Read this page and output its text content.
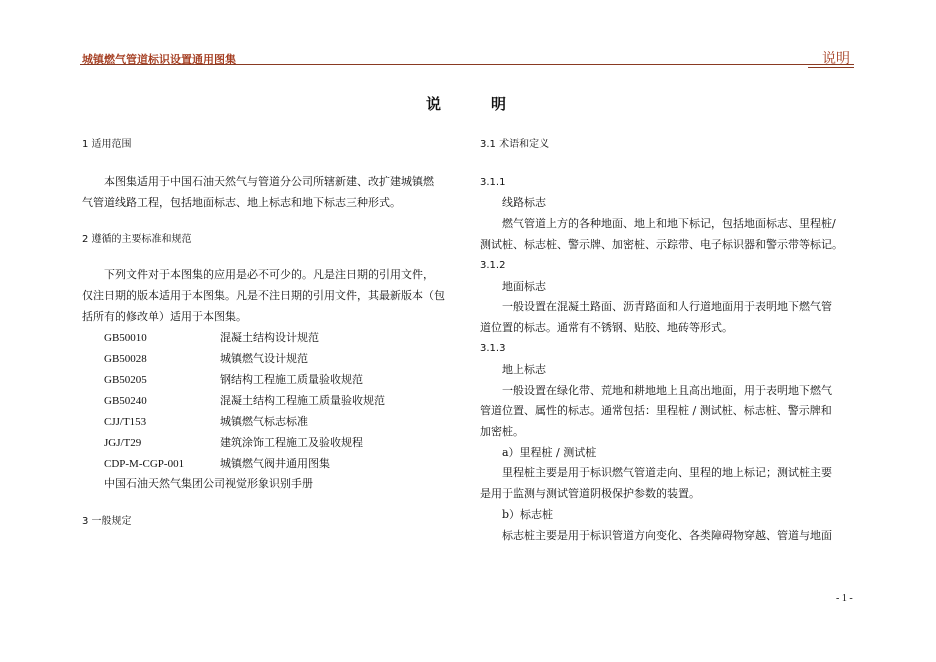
城镇燃气管道标识设置通用图集	说明
说明
1 适用范围
本图集适用于中国石油天然气与管道分公司所辖新建、改扩建城镇燃
气管道线路工程，包括地面标志、地上标志和地下标志三种形式。
2 遵循的主要标准和规范
下列文件对于本图集的应用是必不可少的。凡是注日期的引用文件，
仅注日期的版本适用于本图集。凡是不注日期的引用文件，其最新版本（包
括所有的修改单）适用于本图集。
GB50010	混凝土结构设计规范
GB50028	城镇燃气设计规范
GB50205	钢结构工程施工质量验收规范
GB50240	混凝土结构工程施工质量验收规范
CJJ/T153	城镇燃气标志标准
JGJ/T29	建筑涂饰工程施工及验收规程
CDP-M-CGP-001	城镇燃气阀井通用图集
中国石油天然气集团公司视觉形象识别手册
3 一般规定
3.1 术语和定义
3.1.1
线路标志
燃气管道上方的各种地面、地上和地下标记，包括地面标志、里程桩/
测试桩、标志桩、警示牌、加密桩、示踪带、电子标识器和警示带等标记。
3.1.2
地面标志
一般设置在混凝土路面、沥青路面和人行道地面用于表明地下燃气管
道位置的标志。通常有不锈钢、贴胶、地砖等形式。
3.1.3
地上标志
一般设置在绿化带、荒地和耕地地上且高出地面，用于表明地下燃气
管道位置、属性的标志。通常包括：里程桩 / 测试桩、标志桩、警示牌和
加密桩。
a）里程桩 / 测试桩
里程桩主要是用于标识燃气管道走向、里程的地上标记；测试桩主要
是用于监测与测试管道阴极保护参数的装置。
b）标志桩
标志桩主要是用于标识管道方向变化、各类障碍物穿越、管道与地面
- 1 -
